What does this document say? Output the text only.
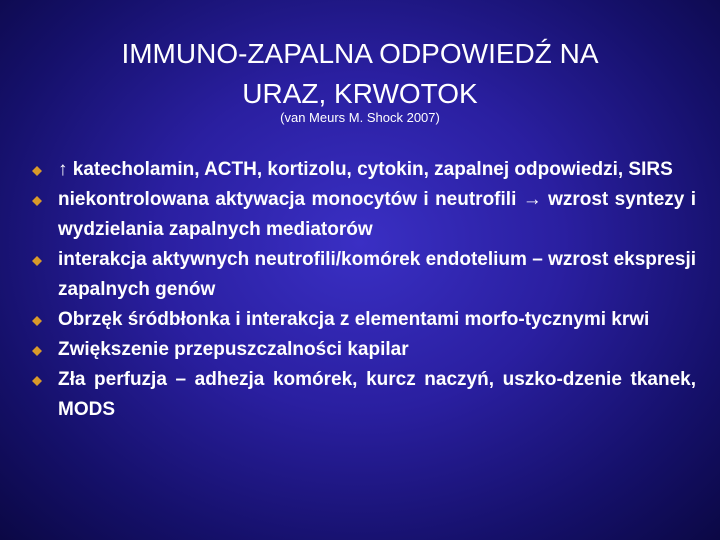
IMMUNO-ZAPALNA ODPOWIEDŹ NA
URAZ, KRWOTOK
(van Meurs M. Shock 2007)
↑ katecholamin, ACTH, kortizolu, cytokin, zapalnej odpowiedzi, SIRS
niekontrolowana aktywacja monocytów i neutrofili → wzrost syntezy i wydzielania zapalnych mediatorów
interakcja aktywnych neutrofili/komórek endotelium – wzrost ekspresji zapalnych genów
Obrzęk śródbłonka i interakcja z elementami morfo-tycznymi krwi
Zwiększenie przepuszczalności kapilar
Zła perfuzja – adhezja komórek, kurcz naczyń, uszko-dzenie tkanek, MODS
